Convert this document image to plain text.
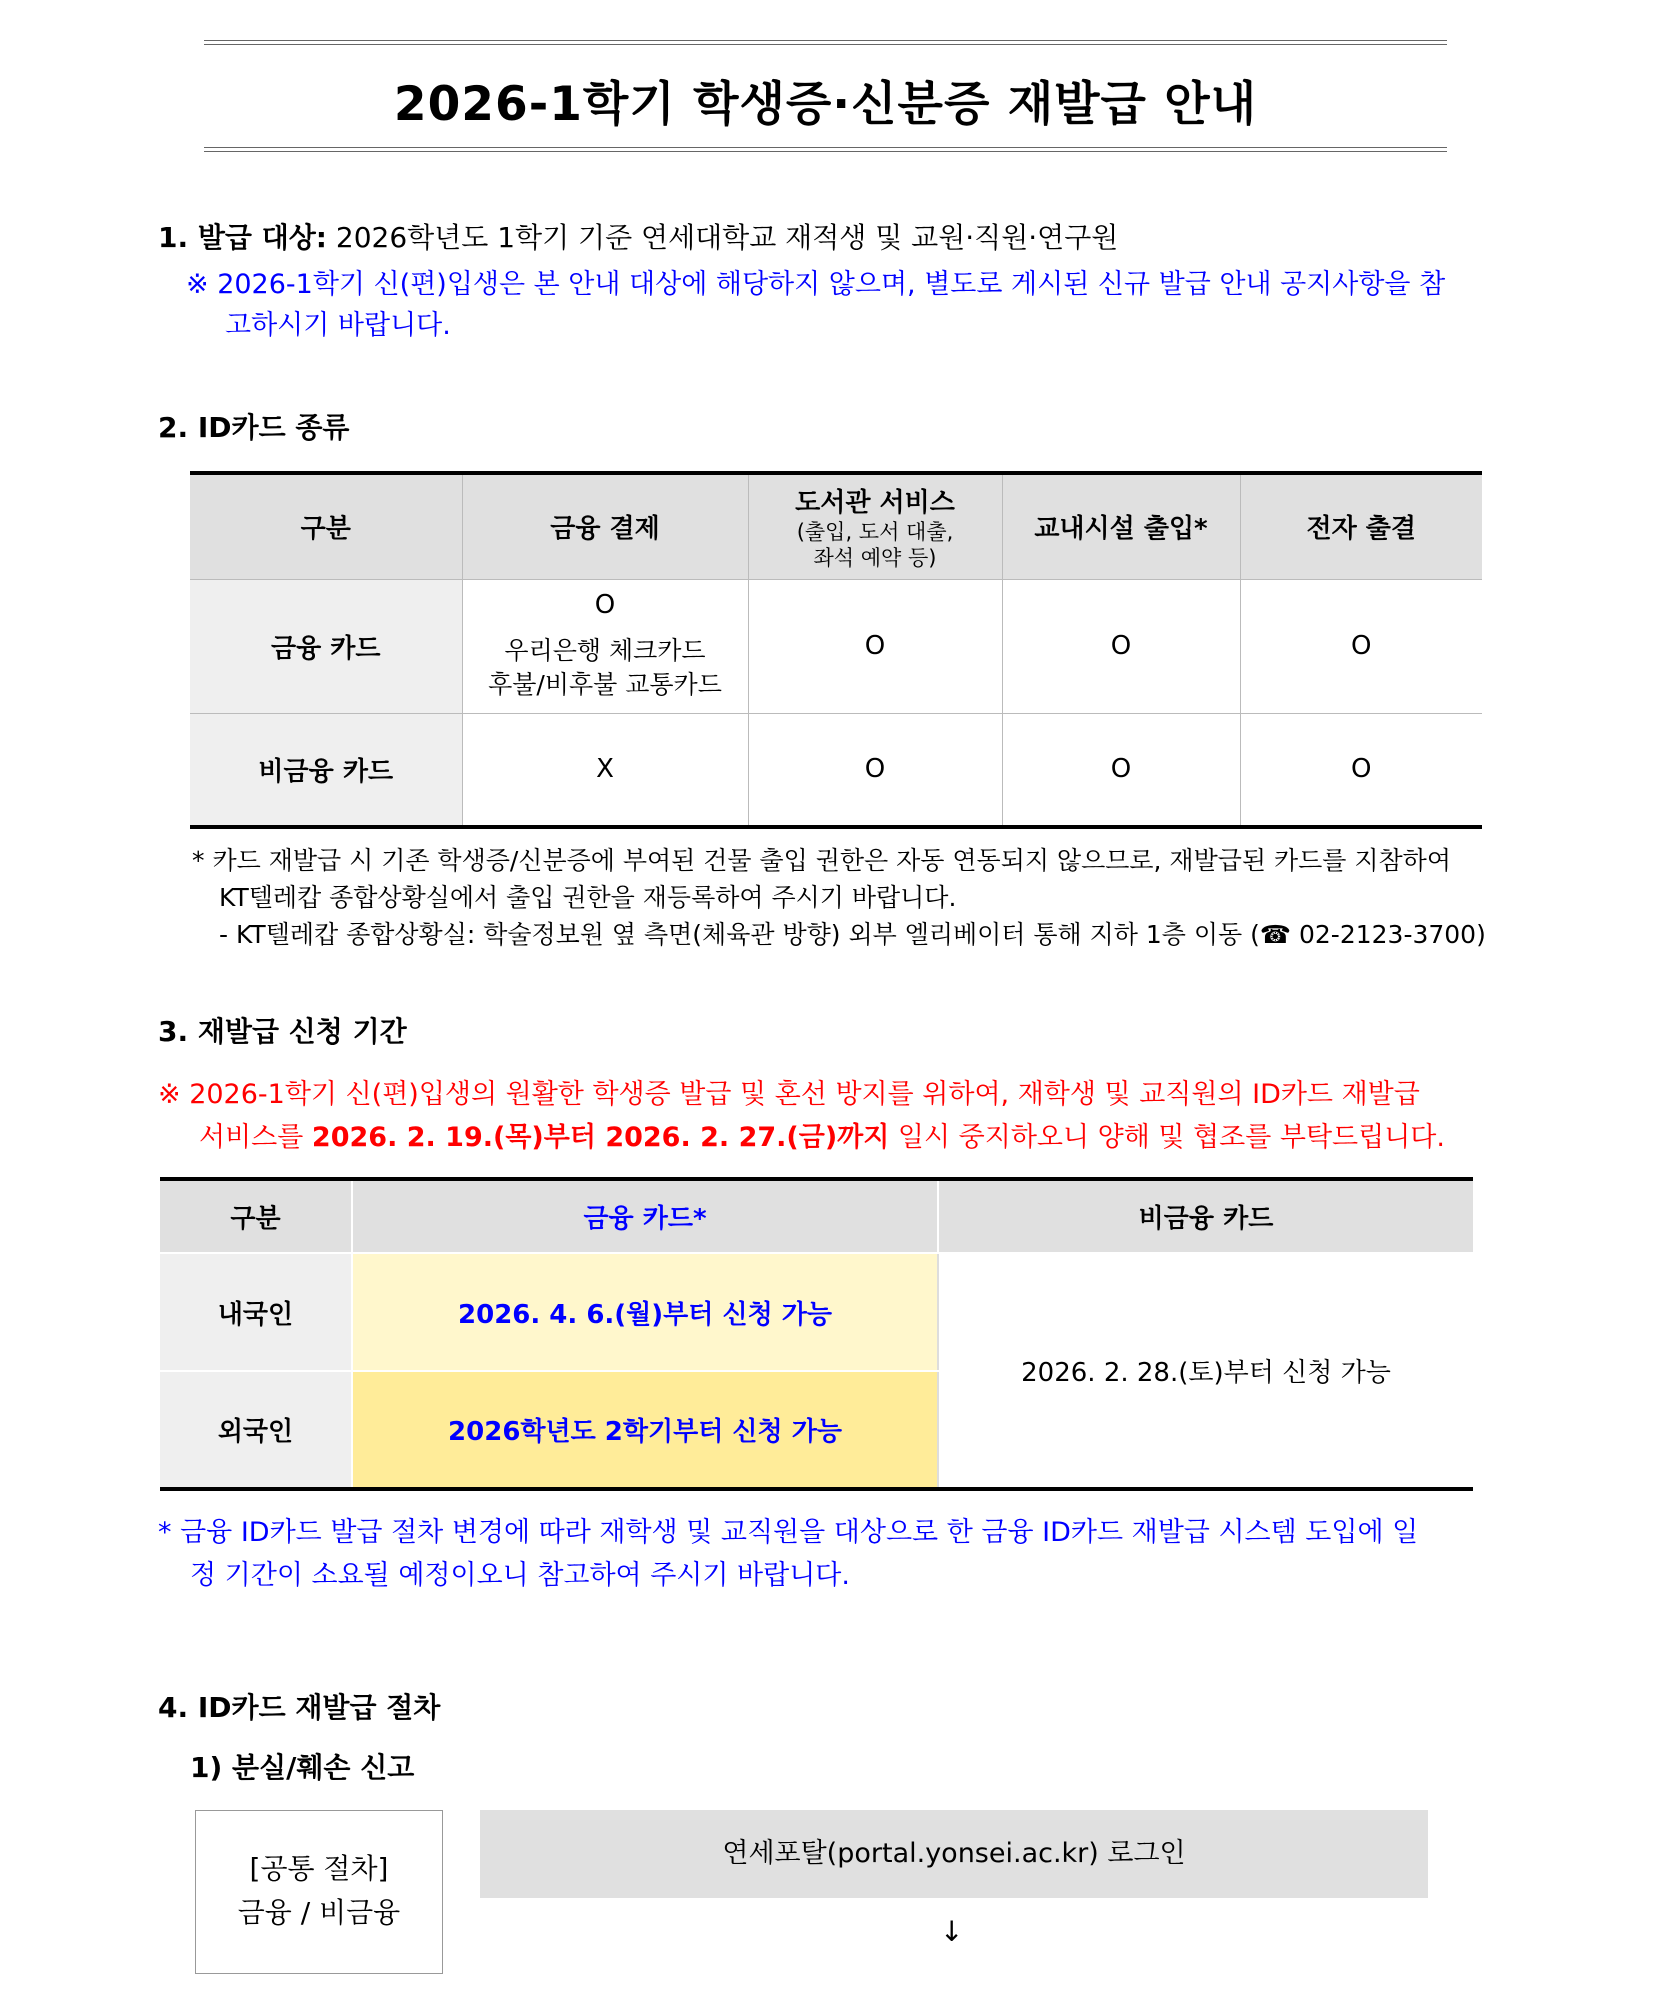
2026-1학기 학생증·신분증 재발급 안내
1. 발급 대상: 2026학년도 1학기 기준 연세대학교 재적생 및 교원·직원·연구원
※ 2026-1학기 신(편)입생은 본 안내 대상에 해당하지 않으며, 별도로 게시된 신규 발급 안내 공지사항을 참
고하시기 바랍니다.
2. ID카드 종류
구분	금융 결제	도서관 서비스
(출입, 도서 대출,
좌석 예약 등)	교내시설 출입*	전자 출결
금융 카드	O
우리은행 체크카드
후불/비후불 교통카드	O	O	O
비금융 카드	X	O	O	O
* 카드 재발급 시 기존 학생증/신분증에 부여된 건물 출입 권한은 자동 연동되지 않으므로, 재발급된 카드를 지참하여
KT텔레캅 종합상황실에서 출입 권한을 재등록하여 주시기 바랍니다.
- KT텔레캅 종합상황실: 학술정보원 옆 측면(체육관 방향) 외부 엘리베이터 통해 지하 1층 이동 (☎ 02-2123-3700)
3. 재발급 신청 기간
※ 2026-1학기 신(편)입생의 원활한 학생증 발급 및 혼선 방지를 위하여, 재학생 및 교직원의 ID카드 재발급
서비스를 2026. 2. 19.(목)부터 2026. 2. 27.(금)까지 일시 중지하오니 양해 및 협조를 부탁드립니다.
구분	금융 카드*	비금융 카드
내국인	2026. 4. 6.(월)부터 신청 가능	2026. 2. 28.(토)부터 신청 가능
외국인	2026학년도 2학기부터 신청 가능	
* 금융 ID카드 발급 절차 변경에 따라 재학생 및 교직원을 대상으로 한 금융 ID카드 재발급 시스템 도입에 일
정 기간이 소요될 예정이오니 참고하여 주시기 바랍니다.
4. ID카드 재발급 절차
1) 분실/훼손 신고
[공통 절차]
금융 / 비금융
연세포탈(portal.yonsei.ac.kr) 로그인
↓
